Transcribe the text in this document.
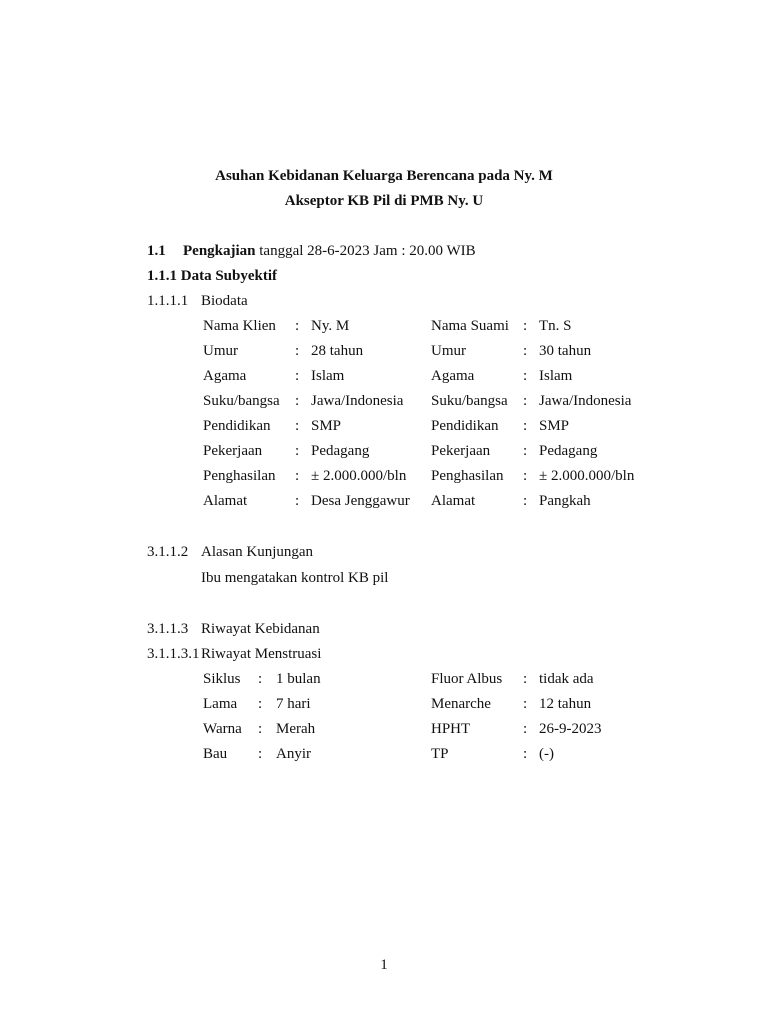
Asuhan Kebidanan Keluarga Berencana pada Ny. M
Akseptor KB Pil di PMB Ny. U
1.1 Pengkajian tanggal 28-6-2023 Jam : 20.00 WIB
1.1.1 Data Subyektif
1.1.1.1 Biodata
Nama Klien : Ny. M	Nama Suami : Tn. S
Umur	: 28 tahun	Umur	: 30 tahun
Agama	: Islam	Agama	: Islam
Suku/bangsa : Jawa/Indonesia Suku/bangsa : Jawa/Indonesia
Pendidikan : SMP	Pendidikan : SMP
Pekerjaan : Pedagang	Pekerjaan : Pedagang
Penghasilan : ± 2.000.000/bln Penghasilan : ± 2.000.000/bln
Alamat	: Desa Jenggawur Alamat	: Pangkah
3.1.1.2 Alasan Kunjungan
Ibu mengatakan kontrol KB pil
3.1.1.3 Riwayat Kebidanan
3.1.1.3.1 Riwayat Menstruasi
Siklus : 1 bulan	Fluor Albus : tidak ada
Lama : 7 hari	Menarche : 12 tahun
Warna : Merah	HPHT	: 26-9-2023
Bau : Anyir	TP	: (-)
1
